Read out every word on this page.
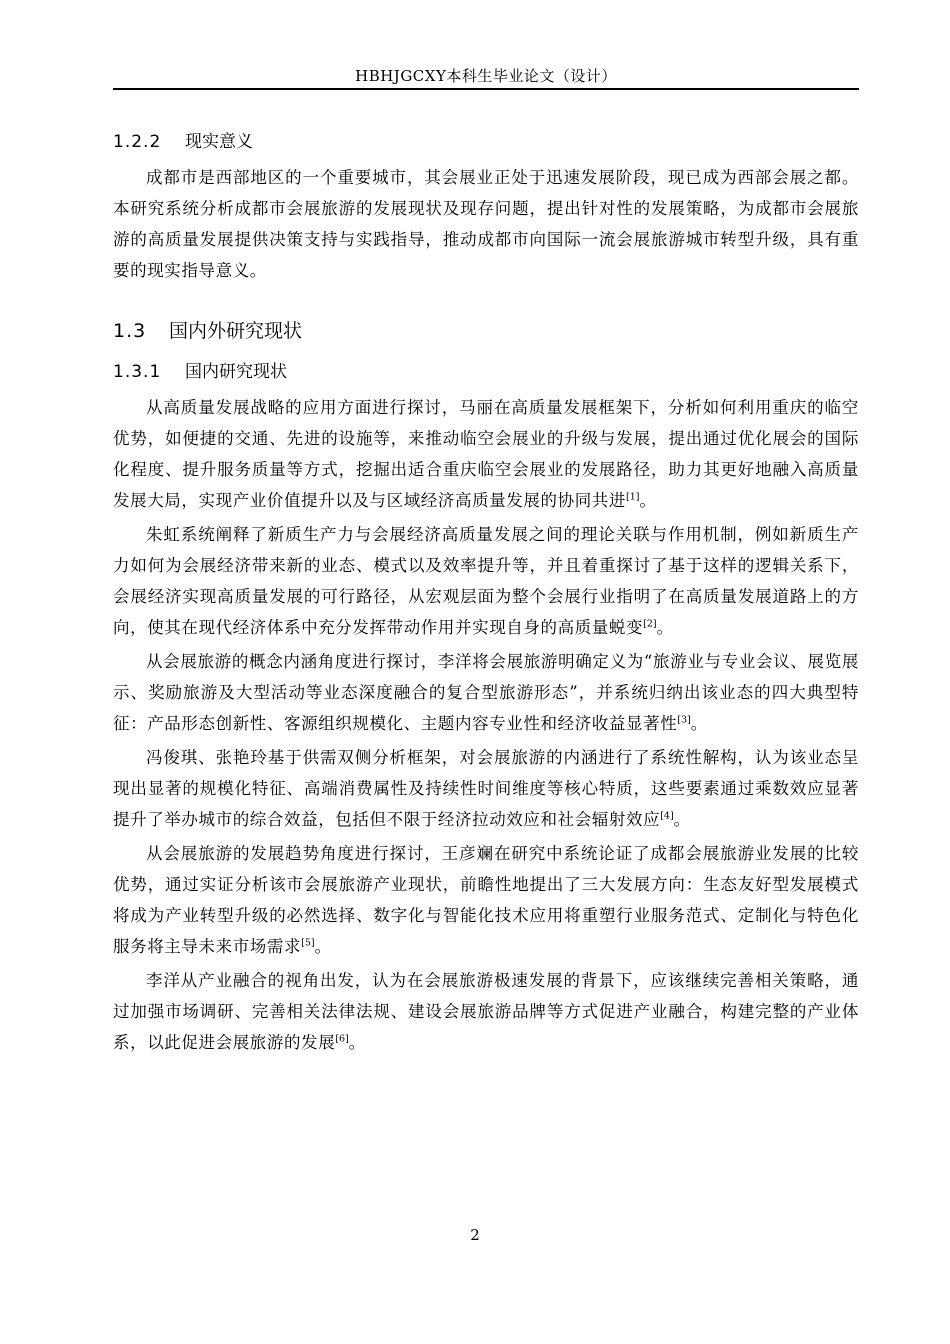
HBHJGCXY本科生毕业论文（设计）
1.2.2 现实意义

成都市是西部地区的一个重要城市，其会展业正处于迅速发展阶段，现已成为西部会展之都。本研究系统分析成都市会展旅游的发展现状及现存问题，提出针对性的发展策略，为成都市会展旅游的高质量发展提供决策支持与实践指导，推动成都市向国际一流会展旅游城市转型升级，具有重要的现实指导意义。

1.3 国内外研究现状
1.3.1 国内研究现状

从高质量发展战略的应用方面进行探讨，马丽在高质量发展框架下，分析如何利用重庆的临空优势，如便捷的交通、先进的设施等，来推动临空会展业的升级与发展，提出通过优化展会的国际化程度、提升服务质量等方式，挖掘出适合重庆临空会展业的发展路径，助力其更好地融入高质量发展大局，实现产业价值提升以及与区域经济高质量发展的协同共进[1]。

朱虹系统阐释了新质生产力与会展经济高质量发展之间的理论关联与作用机制，例如新质生产力如何为会展经济带来新的业态、模式以及效率提升等，并且着重探讨了基于这样的逻辑关系下，会展经济实现高质量发展的可行路径，从宏观层面为整个会展行业指明了在高质量发展道路上的方向，使其在现代经济体系中充分发挥带动作用并实现自身的高质量蜕变[2]。

从会展旅游的概念内涵角度进行探讨，李洋将会展旅游明确定义为“旅游业与专业会议、展览展示、奖励旅游及大型活动等业态深度融合的复合型旅游形态”，并系统归纳出该业态的四大典型特征：产品形态创新性、客源组织规模化、主题内容专业性和经济收益显著性[3]。

冯俊琪、张艳玲基于供需双侧分析框架，对会展旅游的内涵进行了系统性解构，认为该业态呈现出显著的规模化特征、高端消费属性及持续性时间维度等核心特质，这些要素通过乘数效应显著提升了举办城市的综合效益，包括但不限于经济拉动效应和社会辐射效应[4]。

从会展旅游的发展趋势角度进行探讨，王彦斓在研究中系统论证了成都会展旅游业发展的比较优势，通过实证分析该市会展旅游产业现状，前瞻性地提出了三大发展方向：生态友好型发展模式将成为产业转型升级的必然选择、数字化与智能化技术应用将重塑行业服务范式、定制化与特色化服务将主导未来市场需求[5]。

李洋从产业融合的视角出发，认为在会展旅游极速发展的背景下，应该继续完善相关策略，通过加强市场调研、完善相关法律法规、建设会展旅游品牌等方式促进产业融合，构建完整的产业体系，以此促进会展旅游的发展[6]。

2
